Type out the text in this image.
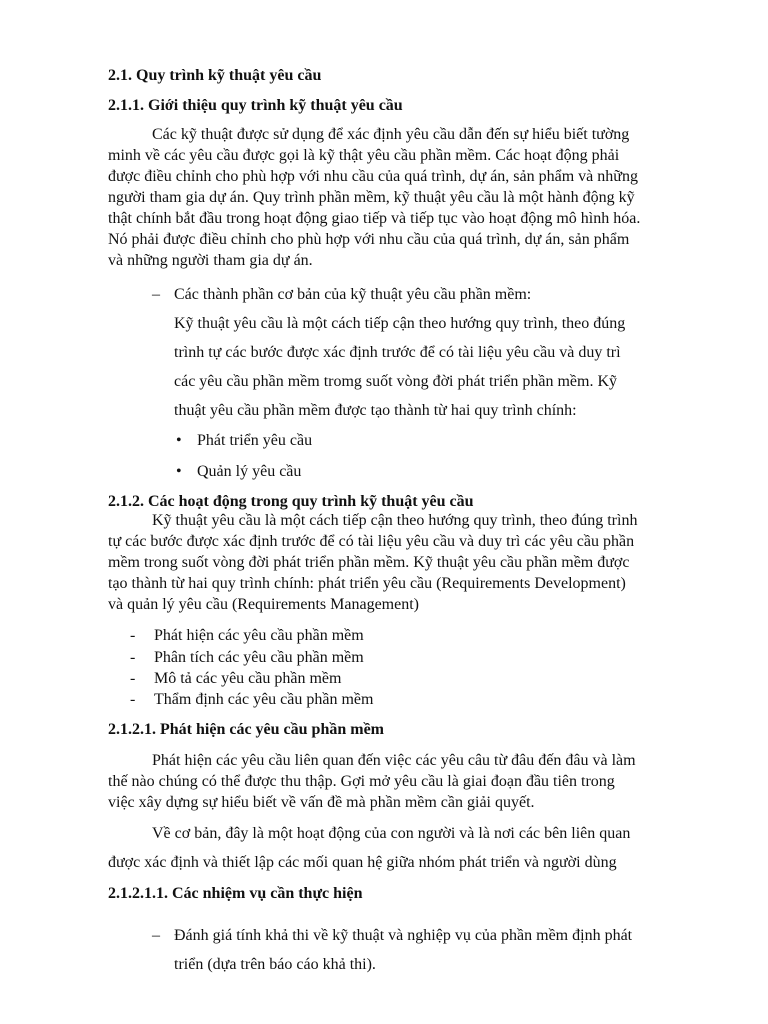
2.1. Quy trình kỹ thuật yêu cầu
2.1.1. Giới thiệu quy trình kỹ thuật yêu cầu
Các kỹ thuật được sử dụng để xác định yêu cầu dẫn đến sự hiểu biết tường
minh về các yêu cầu được gọi là kỹ thật yêu cầu phần mềm. Các hoạt động phải
được điều chỉnh cho phù hợp với nhu cầu của quá trình, dự án, sản phẩm và những
người tham gia dự án. Quy trình phần mềm, kỹ thuật yêu cầu là một hành động kỹ
thật chính bắt đầu trong hoạt động giao tiếp và tiếp tục vào hoạt động mô hình hóa.
Nó phải được điều chỉnh cho phù hợp với nhu cầu của quá trình, dự án, sản phẩm
và những người tham gia dự án.
– Các thành phần cơ bản của kỹ thuật yêu cầu phần mềm:
Kỹ thuật yêu cầu là một cách tiếp cận theo hướng quy trình, theo đúng
trình tự các bước được xác định trước để có tài liệu yêu cầu và duy trì
các yêu cầu phần mềm tromg suốt vòng đời phát triển phần mềm. Kỹ
thuật yêu cầu phần mềm được tạo thành từ hai quy trình chính:
• Phát triển yêu cầu
• Quản lý yêu cầu
2.1.2. Các hoạt động trong quy trình kỹ thuật yêu cầu
Kỹ thuật yêu cầu là một cách tiếp cận theo hướng quy trình, theo đúng trình
tự các bước được xác định trước để có tài liệu yêu cầu và duy trì các yêu cầu phần
mềm trong suốt vòng đời phát triển phần mềm. Kỹ thuật yêu cầu phần mềm được
tạo thành từ hai quy trình chính: phát triển yêu cầu (Requirements Development)
và quản lý yêu cầu (Requirements Management)
- Phát hiện các yêu cầu phần mềm
- Phân tích các yêu cầu phần mềm
- Mô tả các yêu cầu phần mềm
- Thẩm định các yêu cầu phần mềm
2.1.2.1. Phát hiện các yêu cầu phần mềm
Phát hiện các yêu cầu liên quan đến việc các yêu câu từ đâu đến đâu và làm
thế nào chúng có thể được thu thập. Gợi mở yêu cầu là giai đoạn đầu tiên trong
việc xây dựng sự hiểu biết về vấn đề mà phần mềm cần giải quyết.
Về cơ bản, đây là một hoạt động của con người và là nơi các bên liên quan
được xác định và thiết lập các mối quan hệ giữa nhóm phát triển và người dùng
2.1.2.1.1. Các nhiệm vụ cần thực hiện
– Đánh giá tính khả thi về kỹ thuật và nghiệp vụ của phần mềm định phát
triển (dựa trên báo cáo khả thi).
